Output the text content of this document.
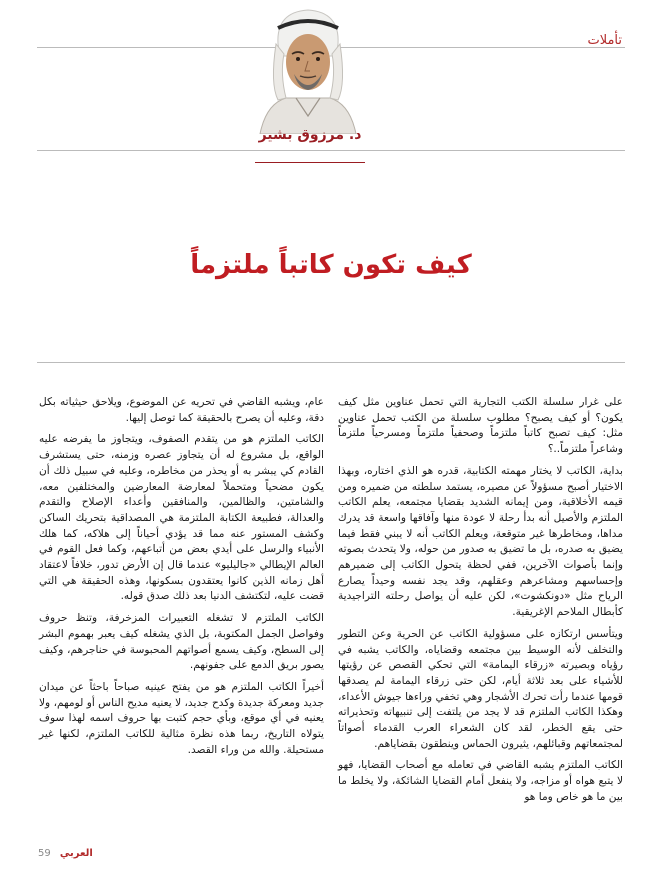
تأملات
د. مرزوق بشير
كيف تكون كاتباً ملتزماً

على غرار سلسلة الكتب التجارية التي تحمل عناوين مثل كيف يكون؟ أو كيف يصبح؟ مطلوب سلسلة من الكتب تحمل عناوين مثل: كيف تصبح كاتباً ملتزماً وصحفياً ملتزماً ومسرحياً ملتزماً وشاعراً ملتزماً..؟

بداية، الكاتب لا يختار مهمته الكتابية، قدره هو الذي اختاره، وبهذا الاختيار أصبح مسؤولاً عن مصيره، يستمد سلطته من ضميره ومن قيمه الأخلاقية، ومن إيمانه الشديد بقضايا مجتمعه، يعلم الكاتب الملتزم والأصيل أنه بدأ رحلة لا عودة منها وآفاقها واسعة قد يدرك مداها، ومخاطرها غير متوقعة، ويعلم الكاتب أنه لا يبني فقط فيما يضيق به صدره، بل ما تضيق به صدور من حوله، ولا يتحدث بصوته وإنما بأصوات الآخرين، ففي لحظة يتحول الكاتب إلى ضميرهم وإحساسهم ومشاعرهم وعقلهم، وقد يجد نفسه وحيداً يصارع الرياح مثل «دونكشوت»، لكن عليه أن يواصل رحلته التراجيدية كأبطال الملاحم الإغريقية.

ويتأسس ارتكازه على مسؤولية الكاتب عن الحرية وعن التطور والتخلف لأنه الوسيط بين مجتمعه وقضاياه، والكاتب يشبه في رؤياه وبصيرته «زرقاء اليمامة» التي تحكي القصص عن رؤيتها للأشياء على بعد ثلاثة أيام، لكن حتى زرقاء اليمامة لم يصدقها قومها عندما رأت تحرك الأشجار وهي تخفي وراءها جيوش الأعداء، وهكذا الكاتب الملتزم قد لا يجد من يلتفت إلى تنبيهاته وتحذيراته حتى يقع الخطر، لقد كان الشعراء العرب القدماء أصواتاً لمجتمعاتهم وقبائلهم، يثيرون الحماس وينطقون بقضاياهم.

الكاتب الملتزم يشبه القاضي في تعامله مع أصحاب القضايا، فهو لا يتبع هواه أو مزاجه، ولا ينفعل أمام القضايا الشائكة، ولا يخلط ما بين ما هو خاص وما هو

عام، ويشبه القاضي في تحريه عن الموضوع، ويلاحق حيثياته بكل دقة، وعليه أن يصرح بالحقيقة كما توصل إليها.

الكاتب الملتزم هو من يتقدم الصفوف، ويتجاوز ما يفرضه عليه الواقع، بل مشروع له أن يتجاوز عصره وزمنه، حتى يستشرف القادم كي يبشر به أو يحذر من مخاطره، وعليه في سبيل ذلك أن يكون مضحياً ومتحملاً لمعارضة المعارضين والمختلفين معه، والشامتين، والظالمين، والمنافقين وأعداء الإصلاح والتقدم والعدالة، فطبيعة الكتابة الملتزمة هي المصداقية بتحريك الساكن وكشف المستور عنه مما قد يؤدي أحياناً إلى هلاكه، كما هلك الأنبياء والرسل على أيدي بعض من أتباعهم، وكما فعل القوم في العالم الإيطالي «جاليليو» عندما قال إن الأرض تدور، خلافاً لاعتقاد أهل زمانه الذين كانوا يعتقدون بسكونها، وهذه الحقيقة هي التي قضت عليه، لتكتشف الدنيا بعد ذلك صدق قوله.

الكاتب الملتزم لا تشغله التعبيرات المزخرفة، وتنظ حروف وفواصل الجمل المكتوبة، بل الذي يشغله كيف يعبر بهموم البشر إلى السطح، وكيف يسمع أصواتهم المحبوسة في حناجرهم، وكيف يصور بريق الدمع على جفونهم.

أخيراً الكاتب الملتزم هو من يفتح عينيه صباحاً باحثاً عن ميدان جديد ومعركة جديدة وكدح جديد، لا يعنيه مديح الناس أو لومهم، ولا يعنيه في أي موقع، وبأي حجم كتبت بها حروف اسمه لهذا سوف يتولاه التاريخ، ربما هذه نظرة مثالية للكاتب الملتزم، لكنها غير مستحيلة. والله من وراء القصد.

59 العربي
